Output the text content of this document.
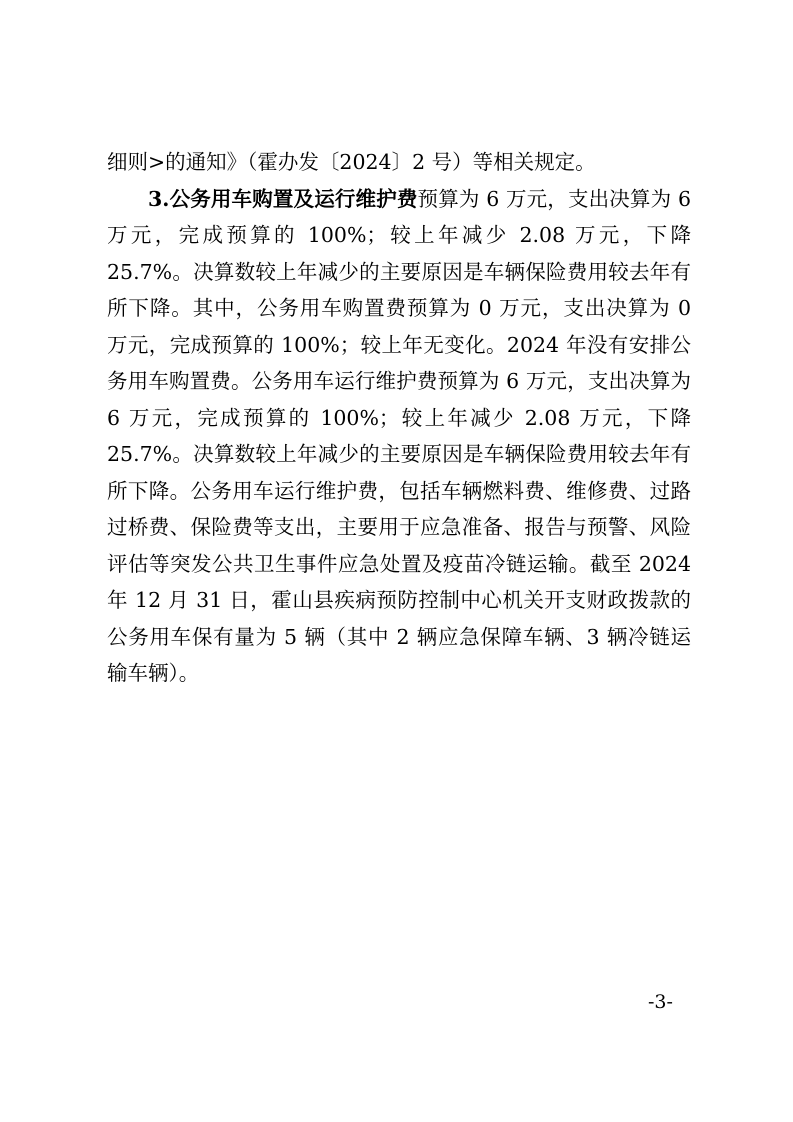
细则>的通知》（霍办发〔2024〕2 号）等相关规定。

3.公务用车购置及运行维护费预算为 6 万元，支出决算为 6 万元，完成预算的 100%；较上年减少 2.08 万元，下降 25.7%。决算数较上年减少的主要原因是车辆保险费用较去年有所下降。其中，公务用车购置费预算为 0 万元，支出决算为 0 万元，完成预算的 100%；较上年无变化。2024 年没有安排公务用车购置费。公务用车运行维护费预算为 6 万元，支出决算为 6 万元，完成预算的 100%；较上年减少 2.08 万元，下降 25.7%。决算数较上年减少的主要原因是车辆保险费用较去年有所下降。公务用车运行维护费，包括车辆燃料费、维修费、过路过桥费、保险费等支出，主要用于应急准备、报告与预警、风险评估等突发公共卫生事件应急处置及疫苗冷链运输。截至 2024 年 12 月 31 日，霍山县疾病预防控制中心机关开支财政拨款的公务用车保有量为 5 辆（其中 2 辆应急保障车辆、3 辆冷链运输车辆）。

-3-
